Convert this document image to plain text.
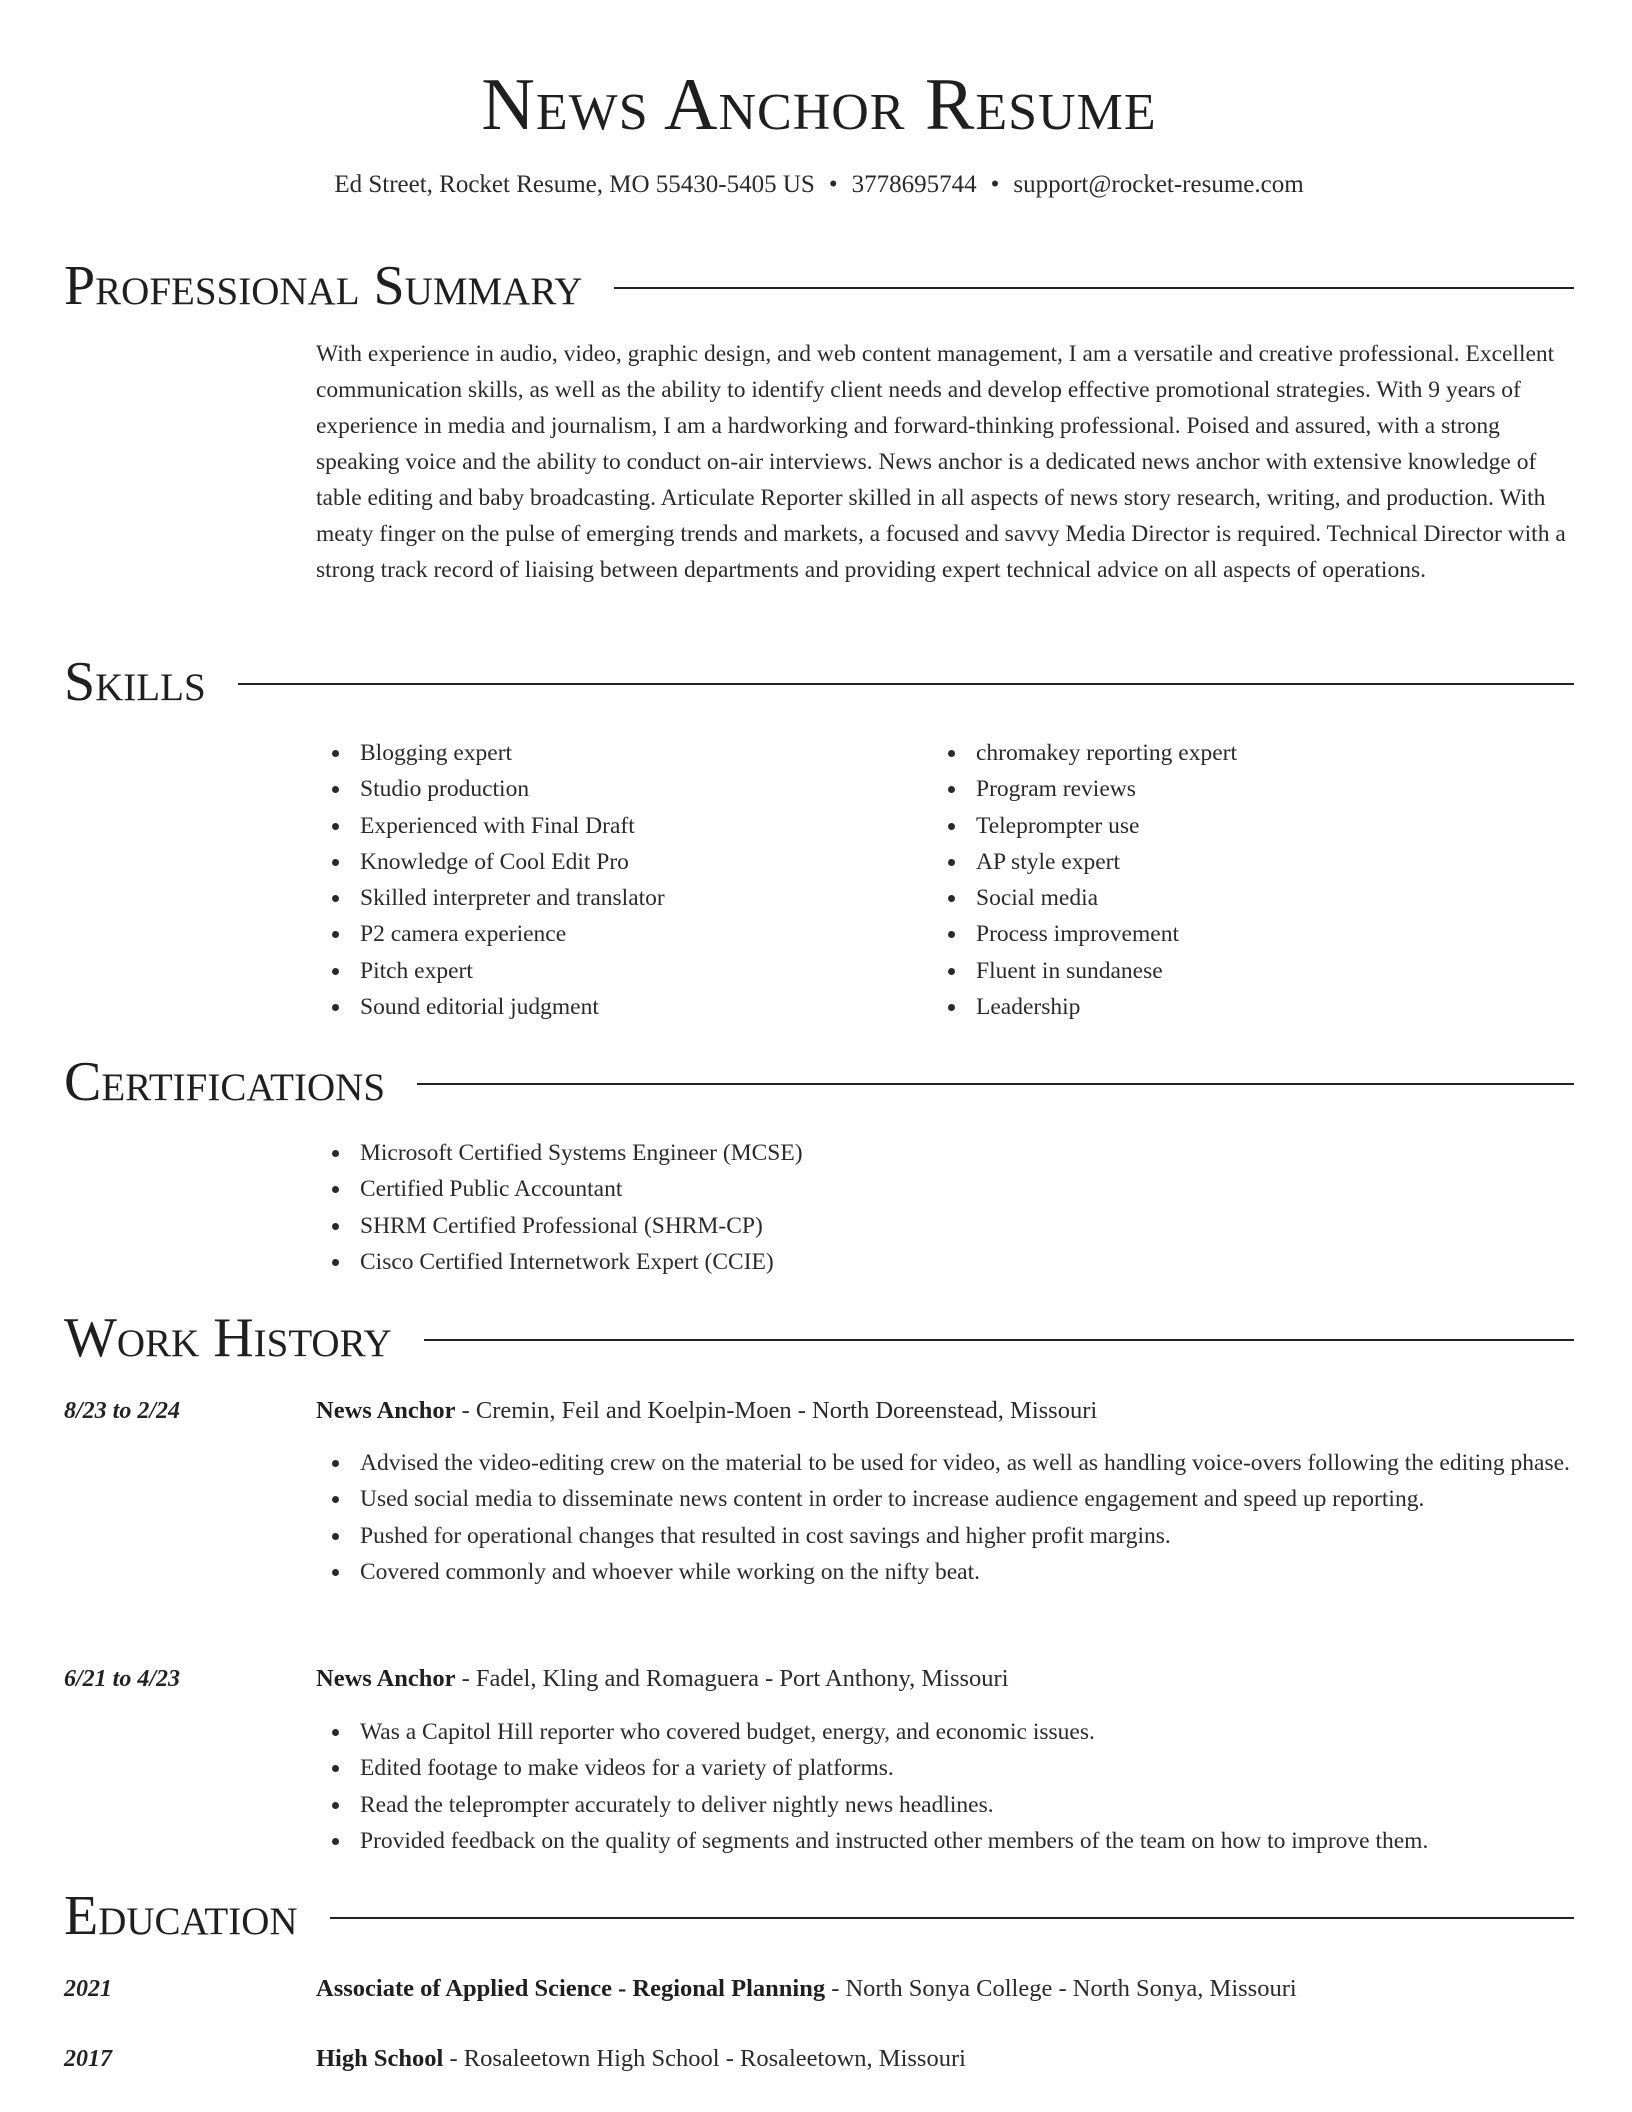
News Anchor Resume
Ed Street, Rocket Resume, MO 55430-5405 US • 3778695744 • support@rocket-resume.com
Professional Summary
With experience in audio, video, graphic design, and web content management, I am a versatile and creative professional. Excellent communication skills, as well as the ability to identify client needs and develop effective promotional strategies. With 9 years of experience in media and journalism, I am a hardworking and forward-thinking professional. Poised and assured, with a strong speaking voice and the ability to conduct on-air interviews. News anchor is a dedicated news anchor with extensive knowledge of table editing and baby broadcasting. Articulate Reporter skilled in all aspects of news story research, writing, and production. With meaty finger on the pulse of emerging trends and markets, a focused and savvy Media Director is required. Technical Director with a strong track record of liaising between departments and providing expert technical advice on all aspects of operations.
Skills
Blogging expert
Studio production
Experienced with Final Draft
Knowledge of Cool Edit Pro
Skilled interpreter and translator
P2 camera experience
Pitch expert
Sound editorial judgment
chromakey reporting expert
Program reviews
Teleprompter use
AP style expert
Social media
Process improvement
Fluent in sundanese
Leadership
Certifications
Microsoft Certified Systems Engineer (MCSE)
Certified Public Accountant
SHRM Certified Professional (SHRM-CP)
Cisco Certified Internetwork Expert (CCIE)
Work History
8/23 to 2/24	News Anchor - Cremin, Feil and Koelpin-Moen - North Doreenstead, Missouri
Advised the video-editing crew on the material to be used for video, as well as handling voice-overs following the editing phase.
Used social media to disseminate news content in order to increase audience engagement and speed up reporting.
Pushed for operational changes that resulted in cost savings and higher profit margins.
Covered commonly and whoever while working on the nifty beat.
6/21 to 4/23	News Anchor - Fadel, Kling and Romaguera - Port Anthony, Missouri
Was a Capitol Hill reporter who covered budget, energy, and economic issues.
Edited footage to make videos for a variety of platforms.
Read the teleprompter accurately to deliver nightly news headlines.
Provided feedback on the quality of segments and instructed other members of the team on how to improve them.
Education
2021	Associate of Applied Science - Regional Planning - North Sonya College - North Sonya, Missouri
2017	High School - Rosaleetown High School - Rosaleetown, Missouri
